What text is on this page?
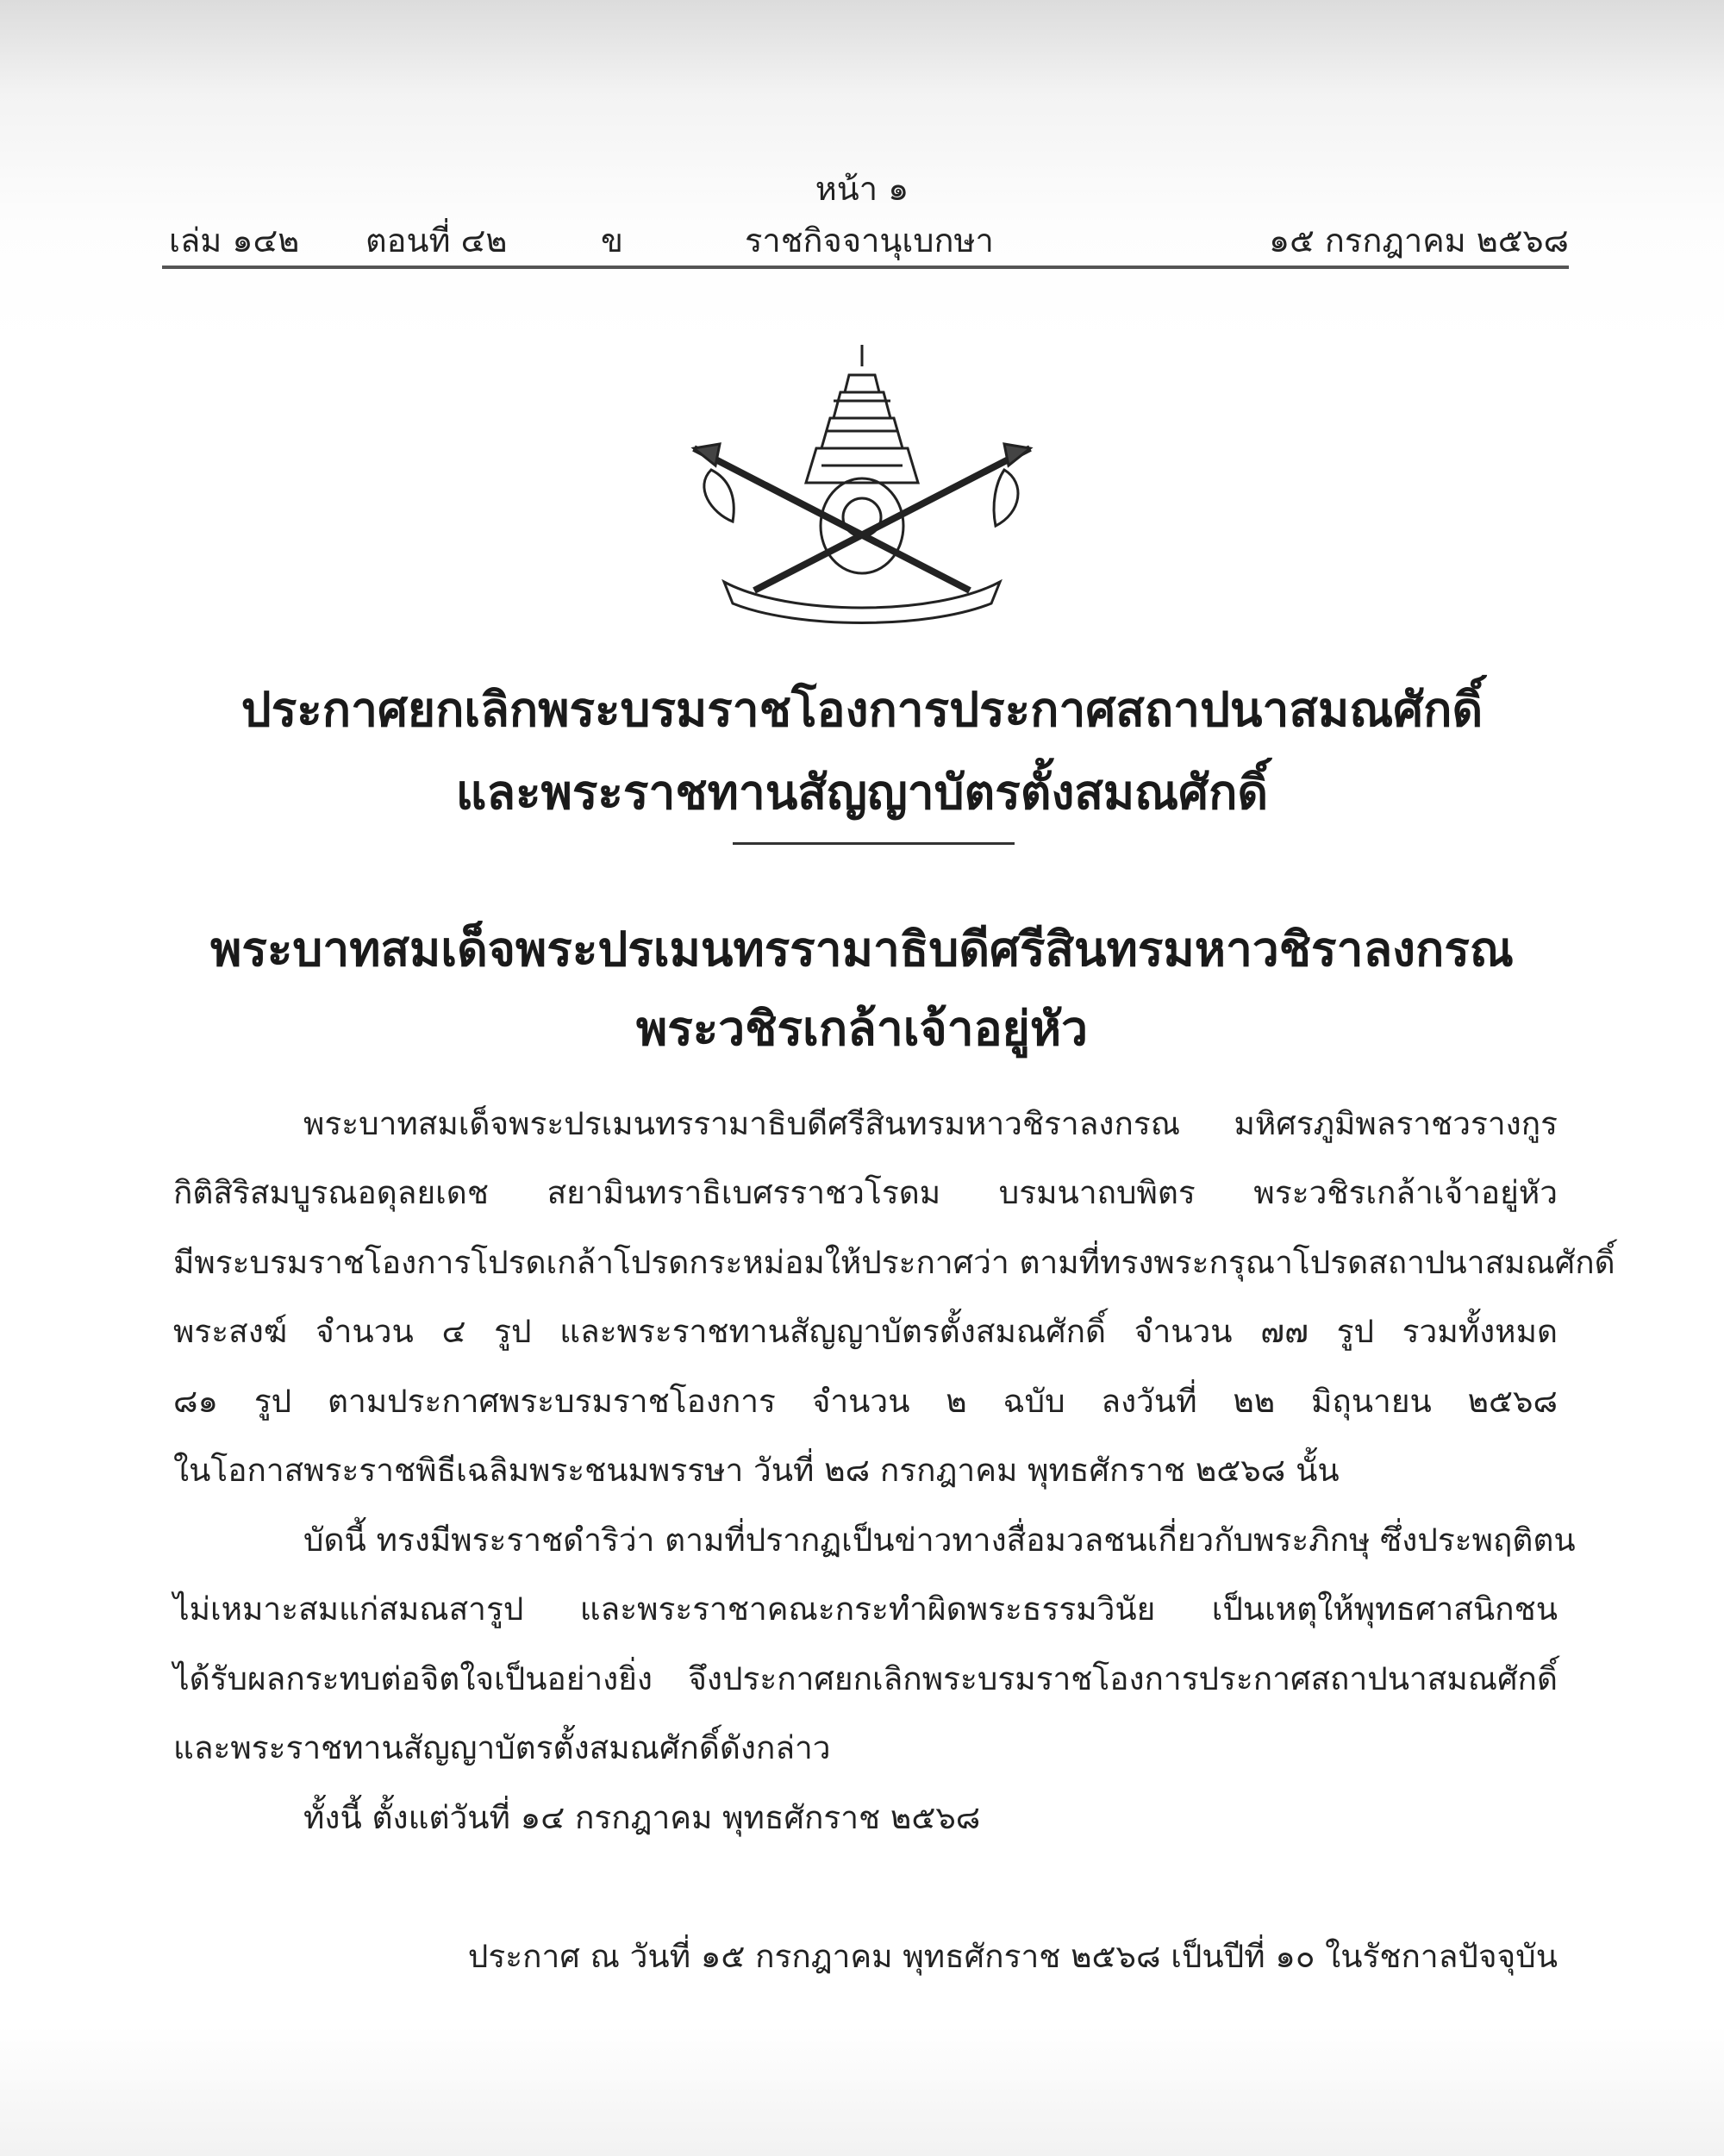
หน้า ๑
เล่ม ๑๔๒ ตอนที่ ๔๒	ข	ราชกิจจานุเบกษา	๑๕ กรกฎาคม ๒๕๖๘
ประกาศยกเลิกพระบรมราชโองการประกาศสถาปนาสมณศักดิ์
และพระราชทานสัญญาบัตรตั้งสมณศักดิ์
พระบาทสมเด็จพระปรเมนทรรามาธิบดีศรีสินทรมหาวชิราลงกรณ
พระวชิรเกล้าเจ้าอยู่หัว
พระบาทสมเด็จพระปรเมนทรรามาธิบดีศรีสินทรมหาวชิราลงกรณ มหิศรภูมิพลราชวรางกูร
กิติสิริสมบูรณอดุลยเดช สยามินทราธิเบศรราชวโรดม บรมนาถบพิตร พระวชิรเกล้าเจ้าอยู่หัว
มีพระบรมราชโองการโปรดเกล้าโปรดกระหม่อมให้ประกาศว่า ตามที่ทรงพระกรุณาโปรดสถาปนาสมณศักดิ์
พระสงฆ์ จำนวน ๔ รูป และพระราชทานสัญญาบัตรตั้งสมณศักดิ์ จำนวน ๗๗ รูป รวมทั้งหมด
๘๑ รูป ตามประกาศพระบรมราชโองการ จำนวน ๒ ฉบับ ลงวันที่ ๒๒ มิถุนายน ๒๕๖๘
ในโอกาสพระราชพิธีเฉลิมพระชนมพรรษา วันที่ ๒๘ กรกฎาคม พุทธศักราช ๒๕๖๘ นั้น
บัดนี้ ทรงมีพระราชดำริว่า ตามที่ปรากฏเป็นข่าวทางสื่อมวลชนเกี่ยวกับพระภิกษุ ซึ่งประพฤติตน
ไม่เหมาะสมแก่สมณสารูป และพระราชาคณะกระทำผิดพระธรรมวินัย เป็นเหตุให้พุทธศาสนิกชน
ได้รับผลกระทบต่อจิตใจเป็นอย่างยิ่ง จึงประกาศยกเลิกพระบรมราชโองการประกาศสถาปนาสมณศักดิ์
และพระราชทานสัญญาบัตรตั้งสมณศักดิ์ดังกล่าว
ทั้งนี้ ตั้งแต่วันที่ ๑๔ กรกฎาคม พุทธศักราช ๒๕๖๘
ประกาศ ณ วันที่ ๑๕ กรกฎาคม พุทธศักราช ๒๕๖๘ เป็นปีที่ ๑๐ ในรัชกาลปัจจุบัน
